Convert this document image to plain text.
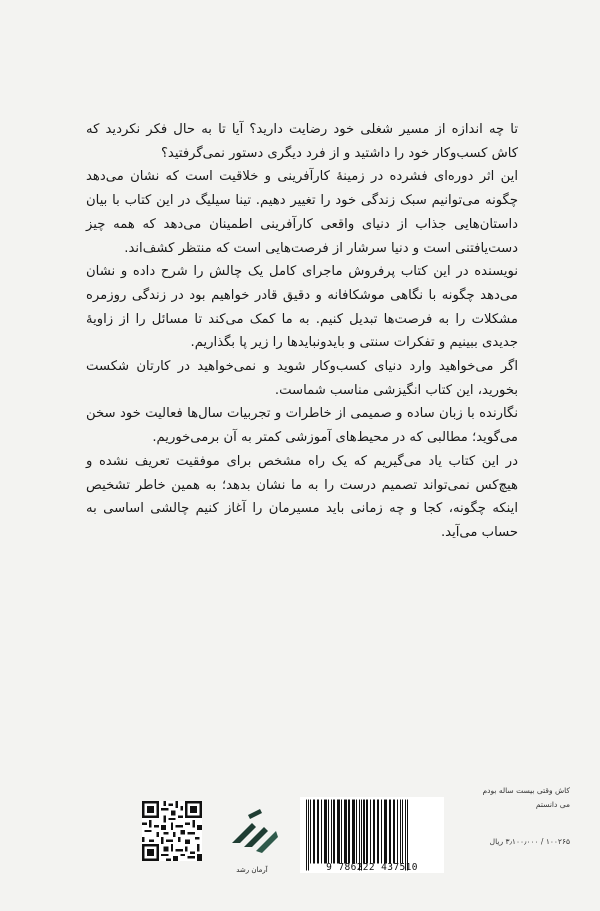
تا چه اندازه از مسیر شغلی خود رضایت دارید؟ آیا تا به حال فکر نکردید که کاش کسب‌وکار خود را داشتید و از فرد دیگری دستور نمی‌گرفتید؟

این اثر دوره‌ای فشرده در زمینهٔ کارآفرینی و خلاقیت است که نشان می‌دهد چگونه می‌توانیم سبک زندگی خود را تغییر دهیم. تینا سیلیگ در این کتاب با بیان داستان‌هایی جذاب از دنیای واقعی کارآفرینی اطمینان می‌دهد که همه چیز دست‌یافتنی است و دنیا سرشار از فرصت‌هایی است که منتظر کشف‌اند.

نویسنده در این کتاب پرفروش ماجرای کامل یک چالش را شرح داده و نشان می‌دهد چگونه با نگاهی موشکافانه و دقیق قادر خواهیم بود در زندگی روزمره مشکلات را به فرصت‌ها تبدیل کنیم. به ما کمک می‌کند تا مسائل را از زاویهٔ جدیدی ببینیم و تفکرات سنتی و بایدونبایدها را زیر پا بگذاریم.

اگر می‌خواهید وارد دنیای کسب‌وکار شوید و نمی‌خواهید در کارتان شکست بخورید، این کتاب انگیزشی مناسب شماست.

نگارنده با زبان ساده و صمیمی از خاطرات و تجربیات سال‌ها فعالیت خود سخن می‌گوید؛ مطالبی که در محیط‌های آموزشی کمتر به آن برمی‌خوریم.

در این کتاب یاد می‌گیریم که یک راه مشخص برای موفقیت تعریف نشده و هیچ‌کس نمی‌تواند تصمیم درست را به ما نشان بدهد؛ به همین خاطر تشخیص اینکه چگونه، کجا و چه زمانی باید مسیرمان را آغاز کنیم چالشی اساسی به حساب می‌آید.

آرمان رشد	9 786222 437510
کاش وقتی بیست ساله بودم
می دانستم
۱۰۰۲۶۵ / ۳٫۱۰۰٫۰۰۰ ریال
